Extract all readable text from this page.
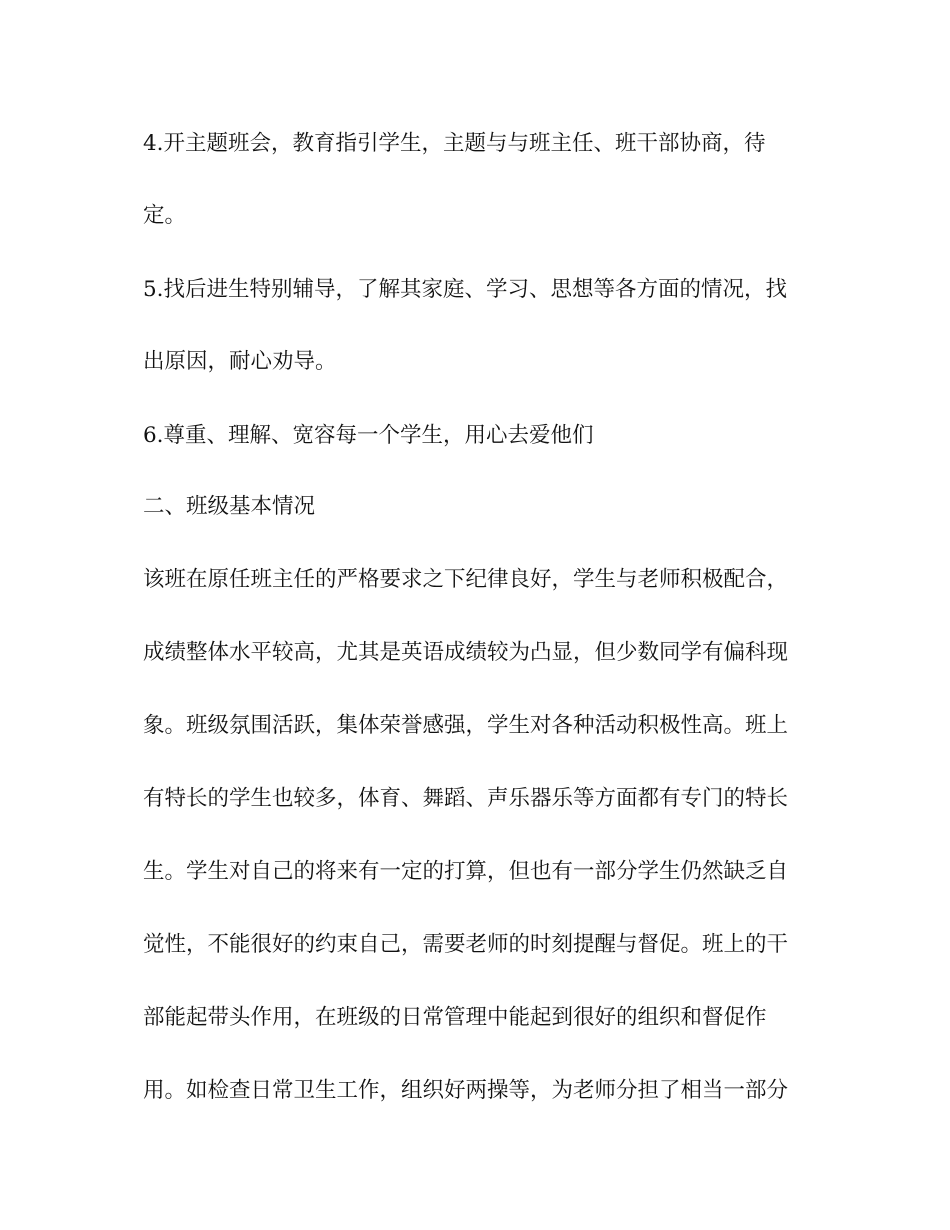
4.开主题班会，教育指引学生，主题与与班主任、班干部协商，待
定。
5.找后进生特别辅导，了解其家庭、学习、思想等各方面的情况，找
出原因，耐心劝导。
6.尊重、理解、宽容每一个学生，用心去爱他们
二、班级基本情况
该班在原任班主任的严格要求之下纪律良好，学生与老师积极配合，
成绩整体水平较高，尤其是英语成绩较为凸显，但少数同学有偏科现
象。班级氛围活跃，集体荣誉感强，学生对各种活动积极性高。班上
有特长的学生也较多，体育、舞蹈、声乐器乐等方面都有专门的特长
生。学生对自己的将来有一定的打算，但也有一部分学生仍然缺乏自
觉性，不能很好的约束自己，需要老师的时刻提醒与督促。班上的干
部能起带头作用，在班级的日常管理中能起到很好的组织和督促作
用。如检查日常卫生工作，组织好两操等，为老师分担了相当一部分
